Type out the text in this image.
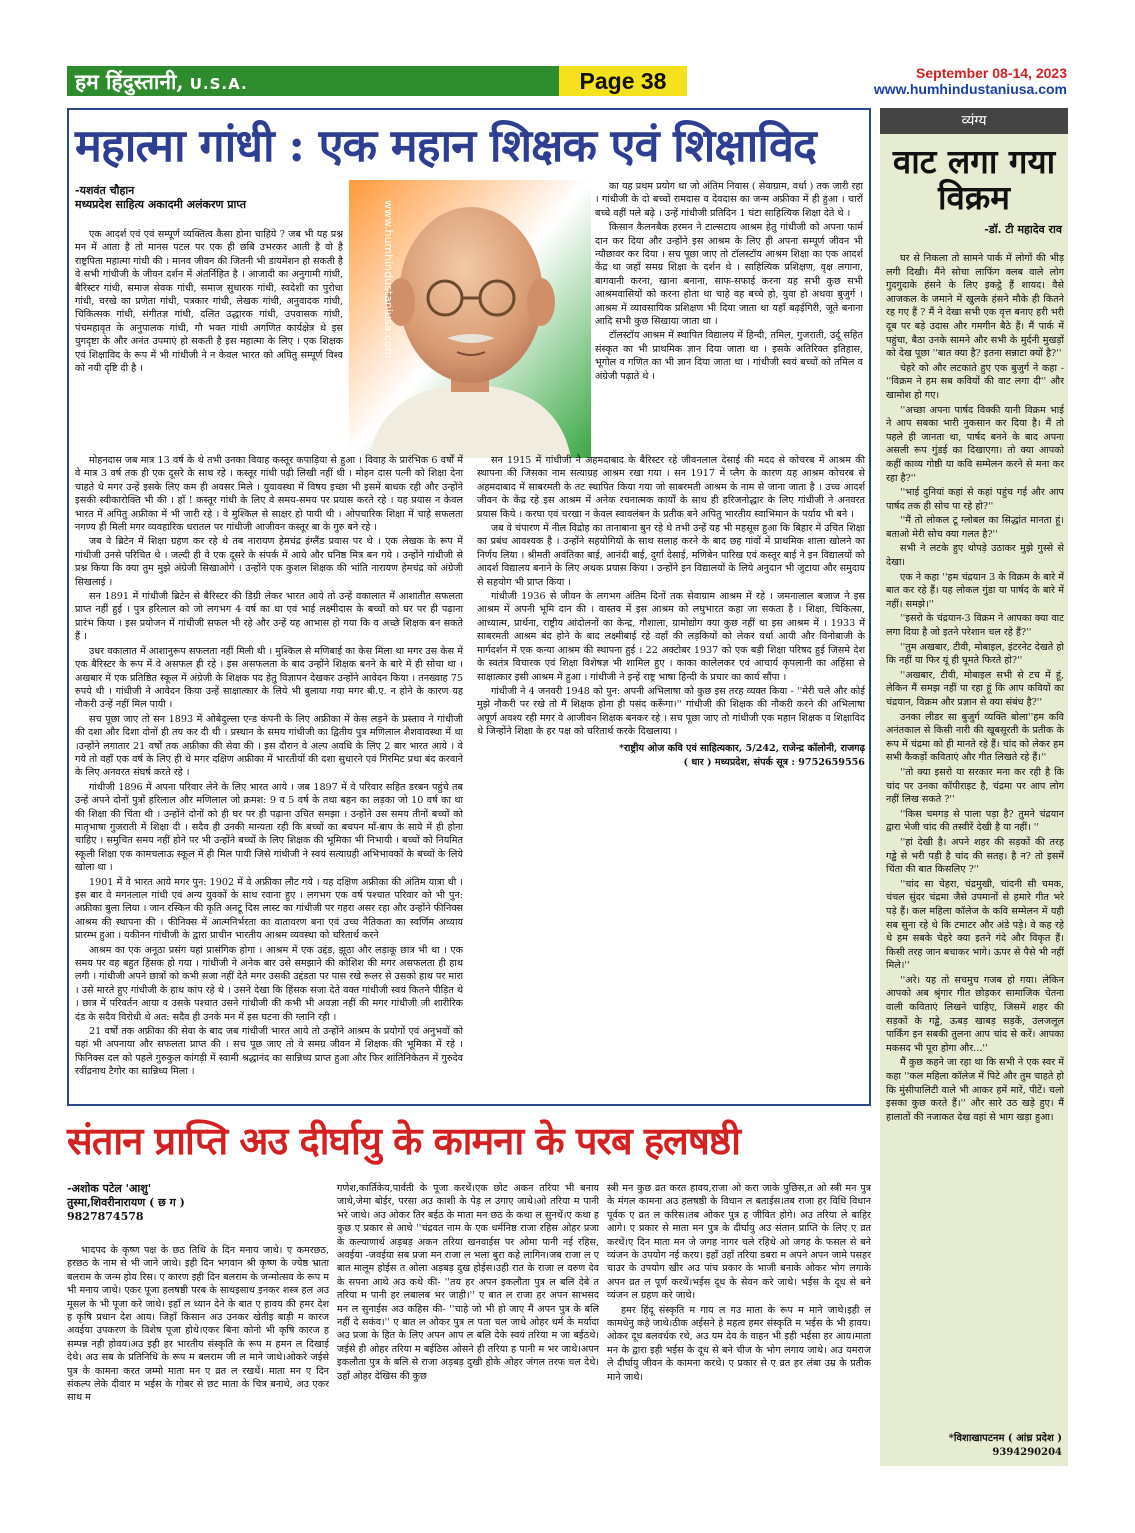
हम हिंदुस्तानी, U.S.A.	Page 38	September 08-14, 2023
www.humhindustaniusa.com
महात्मा गांधी : एक महान शिक्षक एवं शिक्षाविद
-यशवंत चौहान
मध्यप्रदेश साहित्य अकादमी अलंकरण प्राप्त	www.humhindustaniusa.com

एक आदर्श एवं एवं सम्पूर्ण व्यक्तित्व कैसा होना चाहिये ? जब भी यह प्रश्न मन में आता है तो मानस पटल पर एक ही छबि उभरकर आती है वो है राष्ट्रपिता महात्मा गांधी की । मानव जीवन की जितनी भी डायमेंशन हो सकती है वे सभी गांधीजी के जीवन दर्शन में अंतर्निहित है । आजादी का अनुगामी गांधी, बैरिस्टर गांधी, समाज सेवक गांधी, समाज सुधारक गांधी, स्वदेशी का पुरोधा गांधी, चरखे का प्रणेता गांधी, पत्रकार गांधी, लेखक गांधी, अनुवादक गांधी, चिकित्सक गांधी, संगीतज्ञ गांधी, दलित उद्धारक गांधी, उपवासक गांधी, पंचमहावृत के अनुपालक गांधी, गौ भक्त गांधी अगणित कार्यक्षेत्र थे इस युगदृष्टा के और अनंत उपमाएं हो सकती है इस महात्मा के लिए । एक शिक्षक एवं शिक्षाविद के रूप में भी गांधीजी ने न केवल भारत को अपितु सम्पूर्ण विश्व को नयी दृष्टि दी है ।

का यह प्रथम प्रयोग था जो अंतिम निवास ( सेवाग्राम, वर्धा ) तक जारी रहा । गांधीजी के दो बच्चों रामदास व देवदास का जन्म अफ्रीका में ही हुआ । चारों बच्चे वहीं पले बढ़े । उन्हें गांधीजी प्रतिदिन 1 घंटा साहित्यिक शिक्षा देते थे ।

किसान कैलनबैक हरमन ने टाल्सटाय आश्रम हेतु गांधीजी को अपना फार्म दान कर दिया और उन्होंने इस आश्रम के लिए ही अपना सम्पूर्ण जीवन भी न्यौछावर कर दिया । सच पूछा जाए तो टॉलस्टॉय आश्रम शिक्षा का एक आदर्श केंद्र था जहाँ समग्र शिक्षा के दर्शन थे । साहित्यिक प्रशिक्षण, वृक्ष लगाना, बागवानी करना, खाना बनाना, साफ-सफाई करना यह सभी कुछ सभी आश्रमवासियों को करना होता था चाहे वह बच्चे हो, युवा हो अथवा बुजुर्ग । आश्रम में व्यावसायिक प्रशिक्षण भी दिया जाता था यहाँ बढ़ईगिरी, जूते बनाना आदि सभी कुछ सिखाया जाता था ।

टॉलस्टॉय आश्रम में स्थापित विद्यालय में हिन्दी, तमिल, गुजराती, उर्दू सहित संस्कृत का भी प्राथमिक ज्ञान दिया जाता था । इसके अतिरिक्त इतिहास, भूगोल व गणित का भी ज्ञान दिया जाता था । गांधीजी स्वयं बच्चों को तमिल व अंग्रेजी पढ़ाते थे ।

मोहनदास जब मात्र 13 वर्ष के थे तभी उनका विवाह कस्तूर कपाड़िया से हुआ । विवाह के प्रारंभिक 6 वर्षों में वे मात्र 3 वर्ष तक ही एक दूसरे के साथ रहे । कस्तूर गांधी पढ़ी लिखी नहीं थी । मोहन दास पत्नी को शिक्षा देना चाहते थे मगर उन्हें इसके लिए कम ही अवसर मिले । युवावस्था में विषय इच्छा भी इसमें बाधक रही और उन्होंने इसकी स्वीकारोक्ति भी की । हाँ ! कस्तूर गांधी के लिए वे समय-समय पर प्रयास करते रहे । यह प्रयास न केवल भारत में अपितु अफ्रीका में भी जारी रहे । वे मुश्किल से साक्षर हो पायी थी । ओपचारिक शिक्षा में चाहे सफलता नगण्य ही मिली मगर व्यवहारिक धरातल पर गांधीजी आजीवन कस्तूर बा के गुरु बने रहे ।

जब वे ब्रिटेन में शिक्षा ग्रहण कर रहे थे तब नारायण हेमचंद्र इंग्लैंड प्रवास पर थे । एक लेखक के रूप में गांधीजी उनसे परिचित थे । जल्दी ही वे एक दूसरे के संपर्क में आये और घनिष्ठ मित्र बन गये । उन्होंने गांधीजी से प्रश्न किया कि क्या तुम मुझे अंग्रेजी सिखाओगे । उन्होंने एक कुशल शिक्षक की भांति नारायण हेमचंद्र को अंग्रेजी सिखलाई ।

सन 1891 में गांधीजी ब्रिटेन से बैरिस्टर की डिग्री लेकर भारत आये तो उन्हें वकालात में आशातीत सफलता प्राप्त नहीं हुई । पुत्र हरिलाल को जो लगभग 4 वर्ष का था एवं भाई लक्ष्मीदास के बच्चों को घर पर ही पढ़ाना प्रारंभ किया । इस प्रयोजन में गांधीजी सफल भी रहे और उन्हें यह आभास हो गया कि व अच्छे शिक्षक बन सकते हैं ।

उधर वकालात में आशानुरूप सफलता नहीं मिली थी । मुश्किल से मणिबाई का केस मिला था मगर उस केस में एक बैरिस्टर के रूप में वे असफल ही रहे । इस असफलता के बाद उन्होंने शिक्षक बनने के बारे में ही सोचा था ।अखबार में एक प्रतिष्ठित स्कूल में अंग्रेजी के शिक्षक पद हेतु विज्ञापन देखकर उन्होंने आवेदन किया । तनख्वाह 75 रुपये थी । गांधीजी ने आवेदन किया उन्हें साक्षात्कार के लिये भी बुलाया गया मगर बी.ए. न होने के कारण यह नौकरी उन्हें नहीं मिल पायी ।

सच पूछा जाए तो सन 1893 में ओबेदुल्ला एन्ड कंपनी के लिए अफ्रीका में केस लड़ने के प्रस्ताव ने गांधीजी की दशा और दिशा दोनों ही तय कर दी थी । प्रस्थान के समय गांधीजी का द्वितीय पुत्र मणिलाल शैशवावस्था में था ।उन्होंने लगातार 21 वर्षों तक अफ्रीका की सेवा की । इस दौरान वे अल्प अवधि के लिए 2 बार भारत आये । वे गये तो वहाँ एक वर्ष के लिए ही थे मगर दक्षिण अफ्रीका में भारतीयों की दशा सुधारने एवं गिरमिट प्रथा बंद करवाने के लिए अनवरत संघर्ष करते रहे ।

गांधीजी 1896 में अपना परिवार लेने के लिए भारत आये । जब 1897 में वे परिवार सहित डरबन पहुंचे तब उन्हें अपने दोनों पुत्रों हरिलाल और मणिलाल जो क्रमश: 9 व 5 वर्ष के तथा बहन का लड़का जो 10 वर्ष का था की शिक्षा की चिंता थी । उन्होंने दोनों को ही घर पर ही पढ़ाना उचित समझा । उन्होंने उस समय तीनों बच्चों को मातृभाषा गुजराती में शिक्षा दी । सदैव ही उनकी मान्यता रही कि बच्चों का बचपन माँ-बाप के साये में ही होना चाहिए । समुचित समय नहीं होने पर भी उन्होंने बच्चों के लिए शिक्षक की भूमिका भी निभायी । बच्चों को नियमित स्कूली शिक्षा एक कामचलाऊ स्कूल में ही मिल पायी जिसे गांधीजी ने स्वयं सत्याग्रही अभिभावकों के बच्चों के लिये खोला था ।

1901 में वे भारत आये मगर पुन: 1902 में वे अफ्रीका लौट गये । यह दक्षिण अफ्रीका की अंतिम यात्रा थी । इस बार वे मगनलाल गांधी एवं अन्य युवकों के साथ रवाना हुए । लगभग एक वर्ष पश्चात परिवार को भी पुन: अफ्रीका बुला लिया । जान रस्किन की कृति अनटू दिस लास्ट का गांधीजी पर गहरा असर रहा और उन्होंने फीनिक्स आश्रम की स्थापना की । फीनिक्स में आत्मनिर्भरता का वातावरण बना एवं उच्च नैतिकता का स्वर्णिम अध्याय प्रारम्भ हुआ । यकीनन गांधीजी के द्वारा प्राचीन भारतीय आश्रम व्यवस्था को चरितार्थ करने

आश्रम का एक अनूठा प्रसंग यहां प्रासंगिक होगा । आश्रम में एक उद्दंड, झूठा और लड़ाकू छात्र भी था । एक समय पर वह बहुत हिंसक हो गया । गांधीजी ने अनेक बार उसे समझाने की कोशिश की मगर असफलता ही हाथ लगी । गांधीजी अपने छात्रों को कभी सजा नहीं देते मगर उसकी उद्दंडता पर पास रखे रूलर से उसको हाथ पर मारा । उसे मारते हुए गांधीजी के हाथ कांप रहे थे । उसने देखा कि हिंसक सजा देते वक्त गांधीजी स्वयं कितने पीड़ित थे । छात्र में परिवर्तन आया व उसके पश्चात उसने गांधीजी की कभी भी अवज्ञा नहीं की मगर गांधीजी जी शारीरिक दंड के सदैव विरोधी थे अत: सदैव ही उनके मन में इस घटना की ग्लानि रही ।

21 वर्षों तक अफ्रीका की सेवा के बाद जब गांधीजी भारत आये तो उन्होंने आश्रम के प्रयोगों एवं अनुभवों को यहां भी अपनाया और सफलता प्राप्त की । सच पूछ जाए तो वे समग्र जीवन में शिक्षक की भूमिका में रहे । फिनिक्स दल को पहले गुरुकुल कांगड़ी में स्वामी श्रद्धानंद का सान्निध्य प्राप्त हुआ और फिर शांतिनिकेतन में गुरुदेव रवींद्रनाथ टैगोर का सान्निध्य मिला ।

सन 1915 में गांधीजी ने अहमदाबाद के बैरिस्टर रहे जीवनलाल देसाई की मदद से कोचरब में आश्रम की स्थापना की जिसका नाम सत्याग्रह आश्रम रखा गया । सन 1917 में प्लैग के कारण यह आश्रम कोचरब से अहमदाबाद में साबरमती के तट स्थापित किया गया जो साबरमती आश्रम के नाम से जाना जाता है । उच्च आदर्श जीवन के केंद्र रहे इस आश्रम में अनेक रचनात्मक कार्यों के साथ ही हरिजनोद्धार के लिए गांधीजी ने अनवरत प्रयास किये । करघा एवं चरखा न केवल स्वावलंबन के प्रतीक बने अपितु भारतीय स्वाभिमान के पर्याय भी बने ।

जब वे चंपारण में नील विद्रोह का तानाबाना बुन रहे थे तभी उन्हें यह भी महसूस हुआ कि बिहार में उचित शिक्षा का प्रबंध आवश्यक है । उन्होंने सहयोगियों के साथ सलाह करने के बाद छह गांवों में प्राथमिक शाला खोलने का निर्णय लिया । श्रीमती अवंतिका बाई, आनंदी बाई, दुर्गा देसाई, मणिबेन पारिख एवं कस्तूर बाई ने इन विद्यालयों को आदर्श विद्यालय बनाने के लिए अथक प्रयास किया । उन्होंने इन विद्यालयों के लिये अनुदान भी जुटाया और समुदाय से सहयोग भी प्राप्त किया ।

गांधीजी 1936 से जीवन के लगभग अंतिम दिनों तक सेवाग्राम आश्रम में रहे । जमनालाल बजाज ने इस आश्रम में अपनी भूमि दान की । वास्तव में इस आश्रम को लघुभारत कहा जा सकता है । शिक्षा, चिकित्सा, आध्यात्म, प्रार्थना, राष्ट्रीय आंदोलनों का केन्द्र, गौशाला, ग्रामोद्योग क्या कुछ नहीं था इस आश्रम में । 1933 में साबरमती आश्रम बंद होने के बाद लक्ष्मीबाई रहे वहाँ की लड़कियों को लेकर वर्धा आयी और विनोबाजी के मार्गदर्शन में एक कन्या आश्रम की स्थापना हुई । 22 अक्टोबर 1937 को एक बड़ी शिक्षा परिषद हुई जिसमे देश के स्वतंत्र विचारक एवं शिक्षा विशेषज्ञ भी शामिल हुए । काका कालेलकर एवं आचार्य कृपलानी का अहिंसा से साक्षात्कार इसी आश्रम में हुआ । गांधीजी ने इन्हें राष्ट्र भाषा हिन्दी के प्रचार का कार्य सौंपा ।

गांधीजी ने 4 जनवरी 1948 को पुन: अपनी अभिलाषा को कुछ इस तरह व्यक्त किया - ''मेरी चले और कोई मुझे नौकरी पर रखे तो मैं शिक्षक होना ही पसंद करूँगा।'' गांधीजी की शिक्षक की नौकरी करने की अभिलाषा अपूर्ण अवश्य रही मगर वे आजीवन शिक्षक बनकर रहे । सच पूछा जाए तो गांधीजी एक महान शिक्षक व शिक्षाविद थे जिन्होंने शिक्षा के हर पक्ष को चरितार्थ करके दिखलाया ।

*राष्ट्रीय ओज कवि एवं साहित्यकार, 5/242, राजेन्द्र कॉलोनी, राजगढ़

( धार ) मध्यप्रदेश, संपर्क सूत्र : 9752659556

व्यंग्य
वाट लगा गया विक्रम
-डॉ. टी महादेव राव

घर से निकला तो सामने पार्क में लोगों की भीड़ लगी दिखी। मैंने सोचा लाफिंग क्लब वाले लोग गुदगुदाके हंसने के लिए इकट्ठे हैं शायद। वैसे आजकल के जमाने में खुलके हंसने मौके ही कितने रह गए हैं ? मैं ने देखा सभी एक वृत्त बनाए हरी भरी दूब पर बड़े उदास और गमगीन बैठे हैं। मैं पार्क में पहुंचा, बैठा उनके सामने और सभी के मुर्दनी मुखड़ों को देख पूछा ''बात क्या है? इतना सन्नाटा क्यों है?''

चेहरे को और लटकाते हुए एक बुजुर्ग ने कहा - ''विक्रम ने हम सब कवियों की वाट लगा दी'' और खामोश हो गए।

''अच्छा अपना पार्षद विक्की यानी विक्रम भाई ने आप सबका भारी नुकसान कर दिया है। मैं तो पहले ही जानता था, पार्षद बनने के बाद अपना असली रूप गुंडई का दिखाएगा। तो क्या आपको कहीं काव्य गोष्ठी या कवि सम्मेलन करने से मना कर रहा है?''

''भाई दुनियां कहां से कहां पहुंच गई और आप पार्षद तक ही सोच पा रहे हो?''

''मैं तो लोकल टू ग्लोबल का सिद्धांत मानता हूं। बताओ मेरी सोच क्या गलत है?''

सभी ने लटके हुए थोपड़े उठाकर मुझे गुस्से से देखा।

एक ने कहा ''हम चंद्रयान 3 के विक्रम के बारे में बात कर रहे हैं। यह लोकल गुंडा या पार्षद के बारे में नहीं। समझे।''

''इसरो के चंद्रयान-3 विक्रम ने आपका क्या वाट लगा दिया है जो इतने परेशान चल रहे हैं?''

''तुम अखबार, टीवी, मोबाइल, इंटरनेट देखते हो कि नहीं या फिर यूं ही घूमते फिरते हो?''

''अखबार, टीवी, मोबाइल सभी से टच में हूं, लेकिन मैं समझ नहीं पा रहा हूं कि आप कवियों का चंद्रयान, विक्रम और प्रज्ञान से क्या संबंध है?''

उनका लीडर सा बुजुर्ग व्यक्ति बोला''हम कवि अनंतकाल से किसी नारी की खूबसूरती के प्रतीक के रूप में चंद्रमा को ही मानते रहे हैं। चांद को लेकर हम सभी कैकड़ों कविताएं और गीत लिखते रहे हैं।''

''तो क्या इसरो या सरकार मना कर रही है कि चांद पर उनका कॉपीराइट है, चंद्रमा पर आप लोग नहीं लिख सकते ?''

''किस चमगड़ से पाला पड़ा है? तुमने चंद्रयान द्वारा भेजी चांद की तस्वीरें देखी है या नहीं। ''

''हां देखी है। अपने शहर की सड़कों की तरह गड्ढे से भरी पड़ी है चांद की सतह। है न? तो इसमें चिंता की बात किसलिए ?''

''चांद सा चेहरा, चंद्रमुखी, चांदनी सी चमक, चंचल सुंदर चंद्रमा जैसे उपमानों से हमारे गीत भरे पड़े हैं। कल महिला कॉलेज के कवि सम्मेलन में यही सब सुना रहे थे कि टमाटर और अंडे पड़े। वे कह रहे थे हम सबके चेहरे क्या इतने गंदे और विकृत हैं। किसी तरह जान बचाकर भागे। ऊपर से पैसे भी नहीं मिले।''

''अरे। यह तो सचमुच गजब हो गया। लेकिन आपको अब श्रृंगार गीत छोड़कर सामाजिक चेतना वाली कविताएं लिखने चाहिए, जिसमें शहर की सड़कों के गड्ढे, ऊबड़ खाबड़ सड़कें, उलजलूल पार्किंग इन सबकी तुलना आप चांद से करें। आपका मकसद भी पूरा होगा और...''

मैं कुछ कहने जा रहा था कि सभी ने एक स्वर में कहा ''कल महिला कॉलेज में पिटे और तुम चाहते हो कि मुंसीपालिटी वाले भी आकर हमें मारें, पीटें। चलो इसका कुछ करते हैं।'' और सारे उठ खड़े हुए। मैं हालातों की नजाकत देख वहां से भाग खड़ा हुआ।

*विशाखापटनम ( आंध्र प्रदेश )
9394290204
संतान प्राप्ति अउ दीर्घायु के कामना के परब हलषष्ठी
-अशोक पटेल 'आशु'
तुस्मा,शिवरीनारायण ( छ ग )
9827874578

भादपद के कृष्ण पक्ष के छठ तिथि के दिन मनाय जाथे। ए कमरछठ, हरछठ के नाम से भी जाने जाथे। इही दिन भगवान श्री कृष्ण के ज्येष्ठ भ्राता बलराम के जन्म होय रिस। ए कारण इही दिन बलराम के जन्मोत्सव के रूप म भी मनाय जाथे। एकर पूजा हलषष्ठी परब के साथइसाथ इनकर शस्त्र हल अउ मूसल के भी पूजा करे जाथे। इहाँ ल ध्यान देने के बात ए हावय की हमर देश ह कृषि प्रधान देश आय। जिहाँ किसान अउ उनकर खेतीइ बाड़ी म कारज अवईया उपकरण के विशेष पूजा होथे।एकर बिना कोनो भी कृषि कारज ह सम्पन्न नही होवय।अउ इही हर भारतीय संस्कृति के रूप म हमन ल दिखाई देथे। अउ सब के प्रतिनिधि के रूप म बलराम जी ल माने जाथे।ओकरे जईसे पुत्र के कामना करत जम्मो माता मन ए व्रत ल रखथें। माता मन ए दिन संकल्प लेके दीवार म भईस के गोबर से छट माता के चित्र बनाथे, अउ एकर साथ म

गणेश,कार्तिकेय,पार्वती के पूजा करथें।एक छोट अकन तरिया भी बनाय जाथे,जेमा बोईर, परसा अउ काशी के पेड़ ल उगाए जाथे।ओ तरिया म पानी भरे जाथे। अउ ओकर तिर बईठ के माता मन छठ के कथा ल सुनथें।ए कथा ह कुछ ए प्रकार से आथे ''चंद्रवत नाम के एक धर्मनिष्ठ राजा रहिस ओहर प्रजा के कल्याणार्थ अड़बड़ अकन तरिया खनवाईस पर ओमा पानी नई रहिस, अवईया -जवईया सब प्रजा मन राजा ल भला बुरा कहे लागिन।जब राजा ल ए बात मालूम होईस त ओला अड़बड़ दुख होईस।उही रात के राजा ल वरुण देव के सपना आथे अउ कथे की- ''तय हर अपन इकलौता पुत्र ल बलि देबे त तरिया म पानी हर लबालब भर जाही।'' ए बात ल राजा हर अपन साभसद मन ल सुनाईस अउ कहिस की- ''चाहे जो भी हो जाए मैं अपन पुत्र के बलि नहीं दे सकंव।'' ए बात ल ओकर पुत्र ल पता चल जाथे ओहर धर्म के मर्यादा अउ प्रजा के हित के लिए अपन आप ल बलि देके स्वयं तरिया म जा बईठथे। जईसे ही ओहर तरिया म बईठिस ओसने ही तरिया ह पानी म भर जाथे।अपन इकलौता पुत्र के बलि से राजा अड़बड़ दुखी होके ओहर जंगल तरफ चल देथे। उहाँ ओहर देखिस की कुछ

स्त्री मन कुछ व्रत करत हावय,राजा ओ करा जाके पुछिस,त ओ स्त्री मन पुत्र के मंगल कामना अउ हलषष्ठी के विधान ल बताईस।तब राजा हर विधि विधान पूर्वक ए व्रत ल करिस।तब ओकर पुत्र ह जीवित होगे। अउ तरिया ले बाहिर आगे। ए प्रकार से माता मन पुत्र के दीर्घायु अउ संतान प्राप्ति के लिए ए व्रत करथें।ए दिन माता मन जे जगह नागर चले रहिथे ओ जगह के फसल से बने व्यंजन के उपयोग नई करय। इहाँ उहाँ तरिया डबरा म अपने अपन जामे पसहर चाउर के उपयोग खीर अउ पांच प्रकार के भाजी बनाके ओकर भोग लगाके अपन व्रत ल पूर्ण करथें।भईस दूध के सेवन करे जाथे। भईस के दूध से बने व्यंजन ल ग्रहण करे जाथे।

हमर हिंदू संस्कृति म गाय ल गउ माता के रूप म माने जाथे।इही ल कामधेनु कहे जाथे।ठीक अईसने हे महत्व हमर संस्कृति म भईस के भी हावय।ओकर दूध बलवर्धक रथे, अउ यम देव के वाहन भी इही भईसा हर आय।माता मन के द्वारा इही भईस के दूध से बने चीज के भोग लगाय जाथे। अउ यमराज ले दीर्घायु जीवन के कामना करथे। ए प्रकार से ए व्रत हर लंबा उम्र के प्रतीक माने जाथे।
